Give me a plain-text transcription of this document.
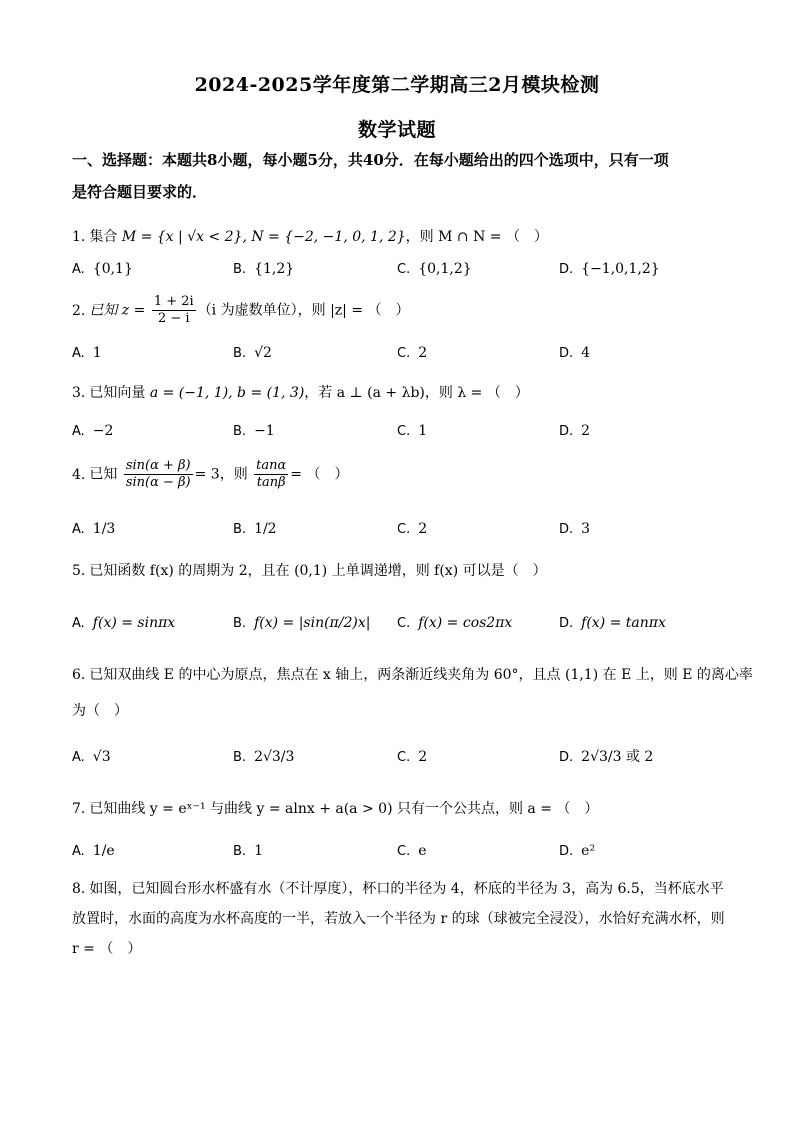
2024-2025学年度第二学期高三2月模块检测
数学试题
一、选择题：本题共8小题，每小题5分，共40分．在每小题给出的四个选项中，只有一项
是符合题目要求的．
1. 集合 M = {x | √x < 2}, N = {−2, −1, 0, 1, 2}，则 M ∩ N = （　）
A. {0,1}	B. {1,2}	C. {0,1,2}	D. {−1,0,1,2}
2. 已知 $z = \frac{1 + 2i}{2 - i} (i$ 为虚数单位），则 |z| = （　）
A. 1	B. √2	C. 2	D. 4
3. 已知向量 a = (−1, 1), b = (1, 3)，若 a ⊥ (a + λb)，则 λ = （　）
A. −2	B. −1	C. 1	D. 2
4. 已知 $\frac{\sin(\alpha + \beta)}{\sin(\alpha - \beta)} = 3$，则 $\frac{\tan\alpha}{\tan\beta}$ = （　）
A. 1/3	B. 1/2	C. 2	D. 3
5. 已知函数 f(x) 的周期为 2，且在 (0,1) 上单调递增，则 f(x) 可以是（　）
A. f(x) = sinπx	B. f(x) = |sin(π/2)x| C. f(x) = cos2πx	D. f(x) = tanπx
6. 已知双曲线 E 的中心为原点，焦点在 x 轴上，两条渐近线夹角为 60°，且点 (1,1) 在 E 上，则 E 的离心率
为（　）
A. √3	B. 2√3/3	C. 2	D. 2√3/3 或 2
7. 已知曲线 y = eˣ⁻¹ 与曲线 y = alnx + a(a > 0) 只有一个公共点，则 a = （　）
A. 1/e	B. 1	C. e	D. e²
8. 如图，已知圆台形水杯盛有水（不计厚度），杯口的半径为 4，杯底的半径为 3，高为 6.5，当杯底水平放置时，水面的高度为水杯高度的一半，若放入一个半径为 r 的球（球被完全浸没），水恰好充满水杯，则 r = （　）
